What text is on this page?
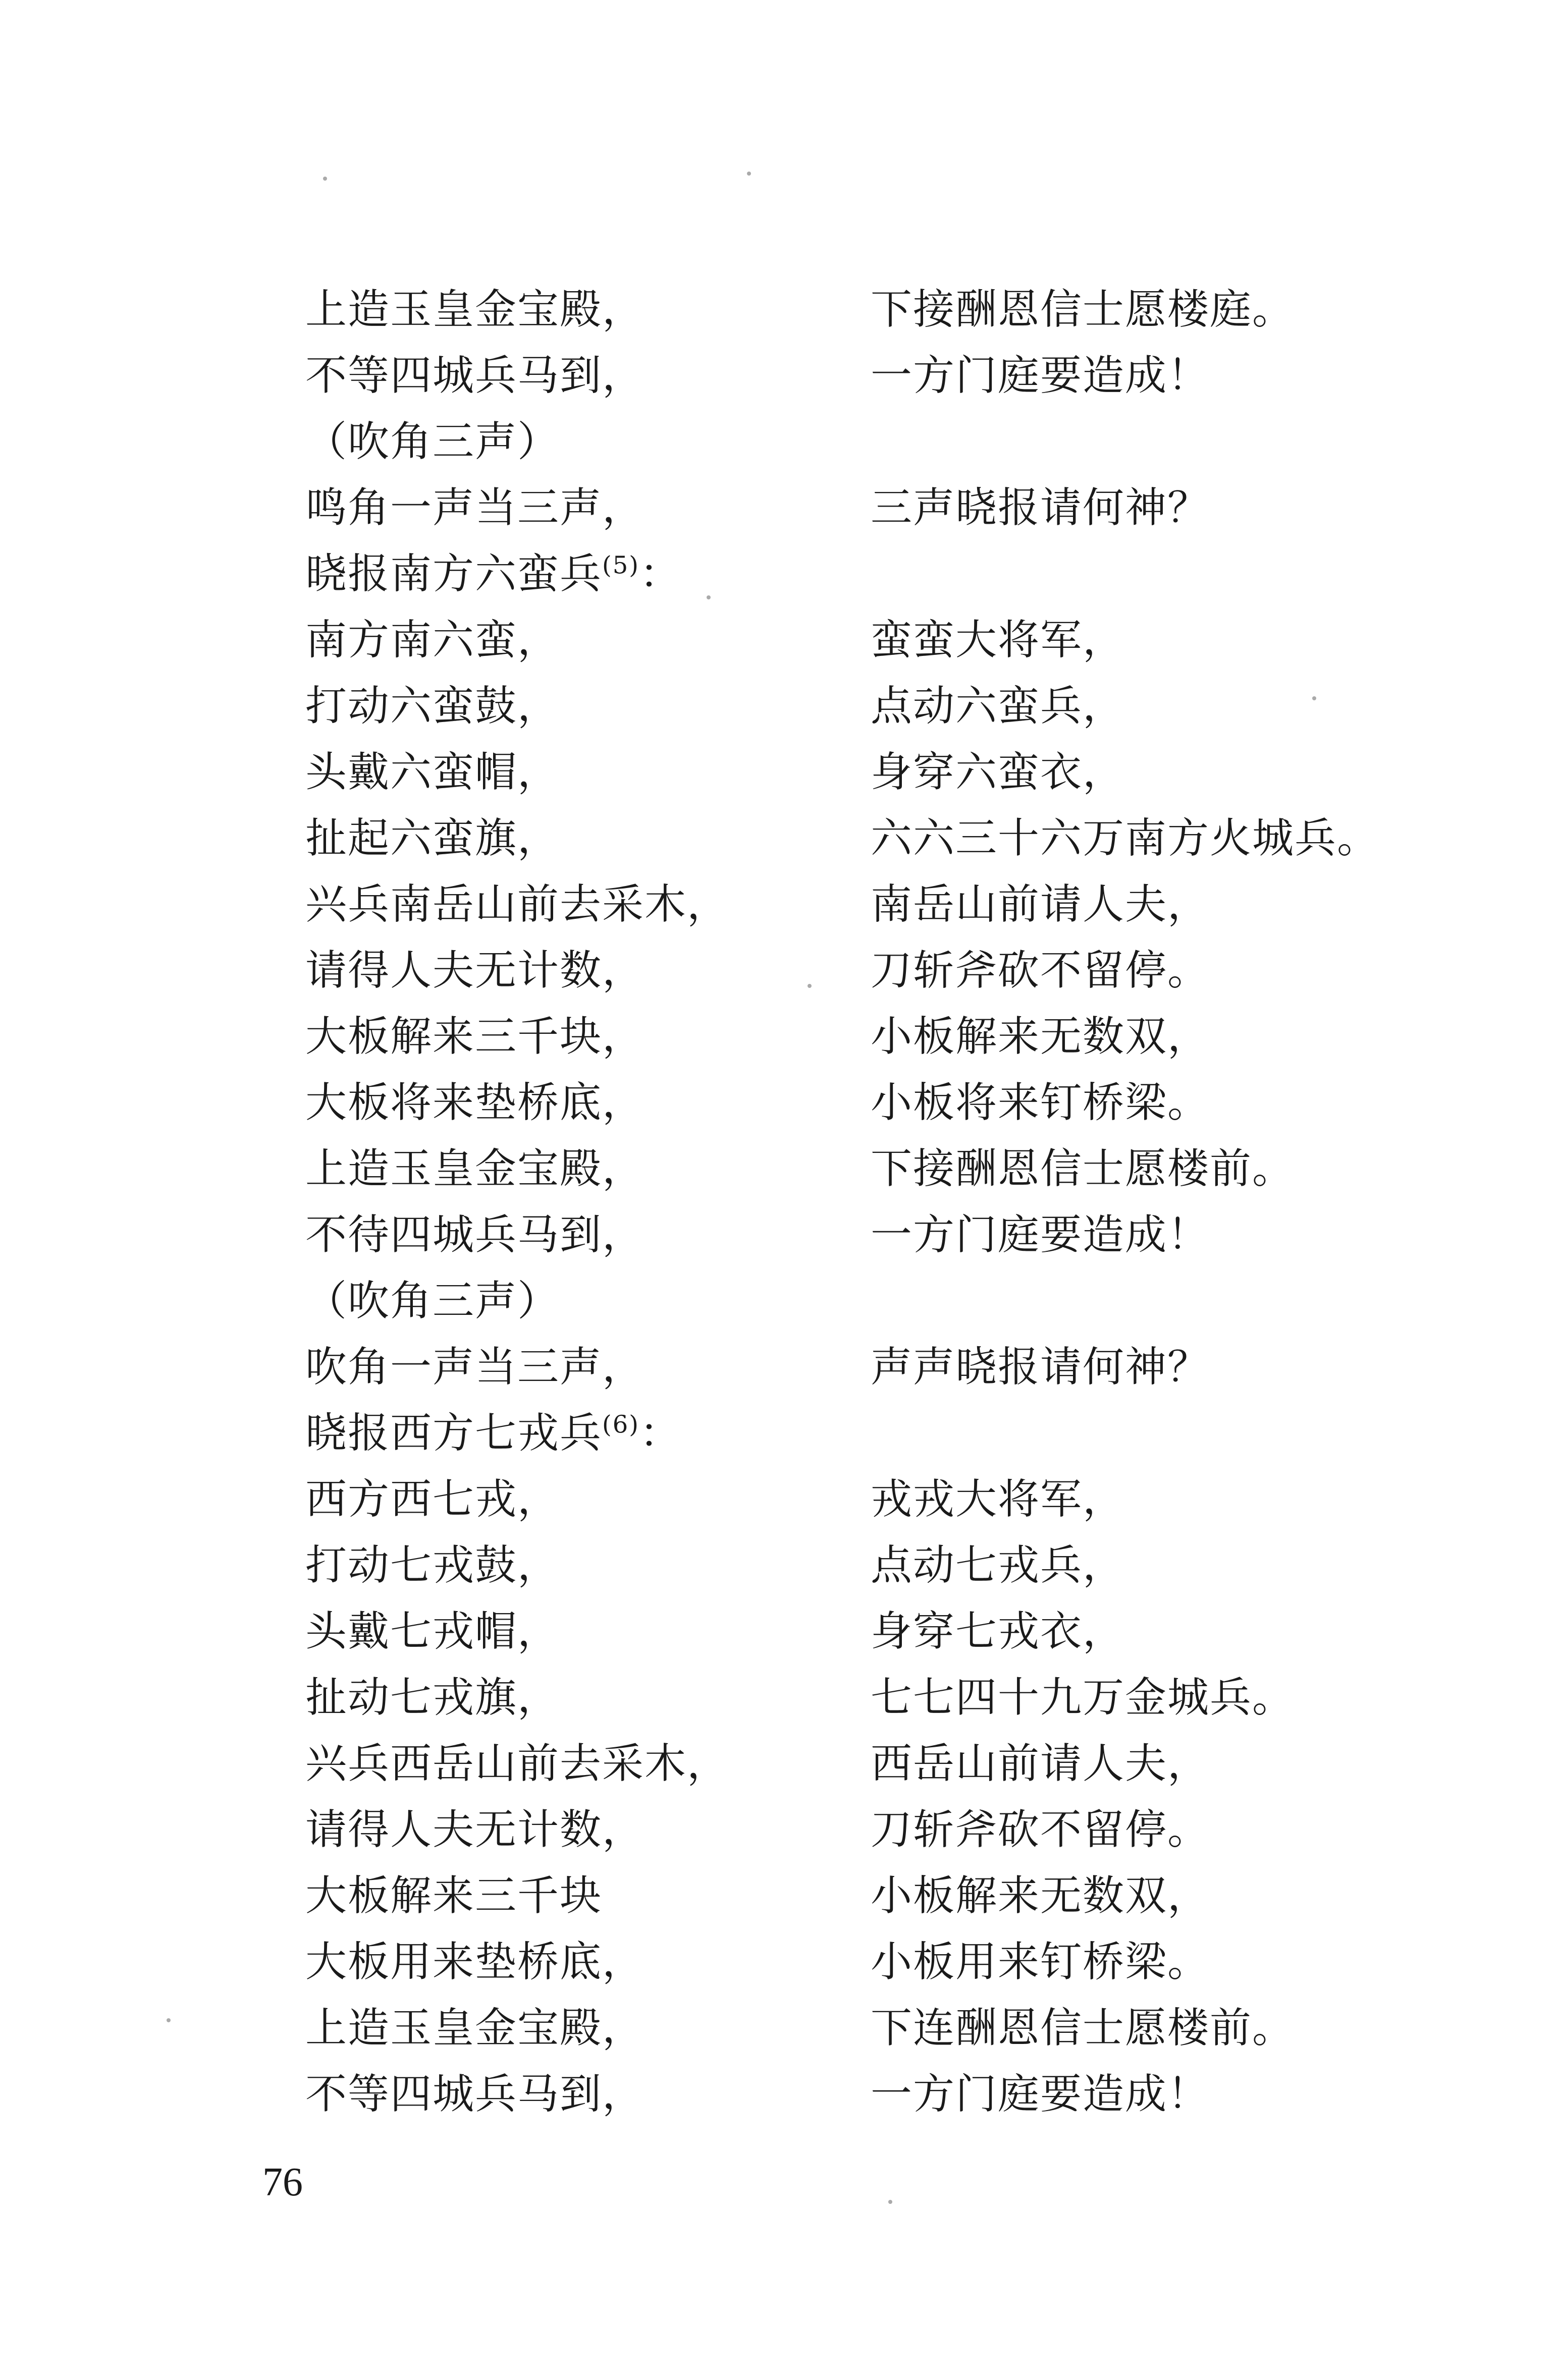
上造玉皇金宝殿，
不等四城兵马到，
（吹角三声）
鸣角一声当三声，
晓报南方六蛮兵$^{(5)}$：
南方南六蛮，
打动六蛮鼓，
头戴六蛮帽，
扯起六蛮旗，
兴兵南岳山前去采木，
请得人夫无计数，
大板解来三千块，
大板将来垫桥底，
上造玉皇金宝殿，
不待四城兵马到，
（吹角三声）
吹角一声当三声，
晓报西方七戎兵$^{(6)}$：
西方西七戎，
打动七戎鼓，
头戴七戎帽，
扯动七戎旗，
兴兵西岳山前去采木，
请得人夫无计数，
大板解来三千块
大板用来垫桥底，
上造玉皇金宝殿，
不等四城兵马到，
下接酬恩信士愿楼庭。
一方门庭要造成！
三声晓报请何神？
蛮蛮大将军，
点动六蛮兵，
身穿六蛮衣，
六六三十六万南方火城兵。
南岳山前请人夫，
刀斩斧砍不留停。
小板解来无数双，
小板将来钉桥梁。
下接酬恩信士愿楼前。
一方门庭要造成！
声声晓报请何神？
戎戎大将军，
点动七戎兵，
身穿七戎衣，
七七四十九万金城兵。
西岳山前请人夫，
刀斩斧砍不留停。
小板解来无数双，
小板用来钉桥梁。
下连酬恩信士愿楼前。
一方门庭要造成！
76
